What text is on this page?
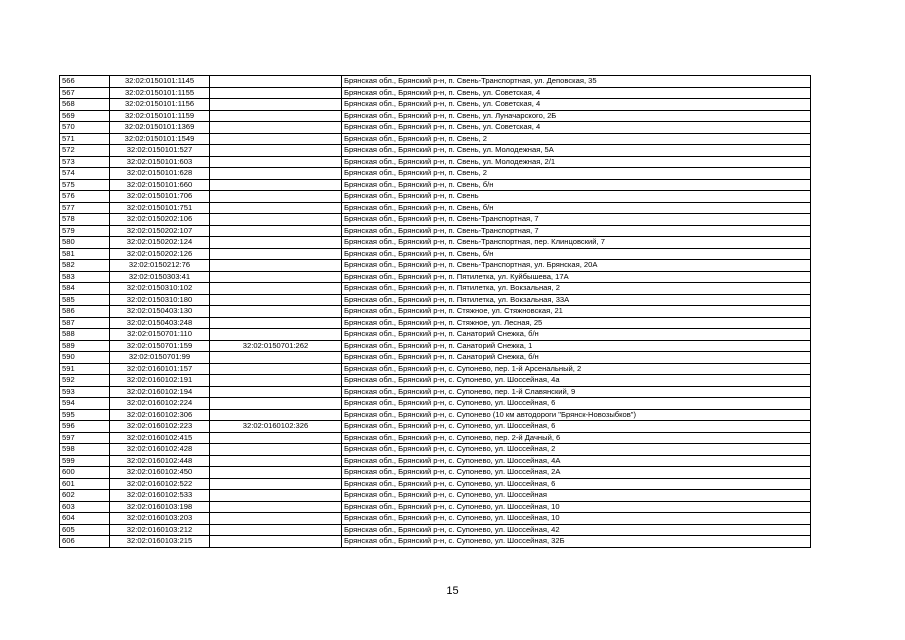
566	32:02:0150101:1145		Брянская обл., Брянский р-н, п. Свень-Транспортная, ул. Деповская, 35
567	32:02:0150101:1155		Брянская обл., Брянский р-н, п. Свень, ул. Советская, 4
568	32:02:0150101:1156		Брянская обл., Брянский р-н, п. Свень, ул. Советская, 4
569	32:02:0150101:1159		Брянская обл., Брянский р-н, п. Свень, ул. Луначарского, 2Б
570	32:02:0150101:1369		Брянская обл., Брянский р-н, п. Свень, ул. Советская, 4
571	32:02:0150101:1549		Брянская обл., Брянский р-н, п. Свень, 2
572	32:02:0150101:527		Брянская обл., Брянский р-н, п. Свень, ул. Молодежная, 5А
573	32:02:0150101:603		Брянская обл., Брянский р-н, п. Свень, ул. Молодежная, 2/1
574	32:02:0150101:628		Брянская обл., Брянский р-н, п. Свень, 2
575	32:02:0150101:660		Брянская обл., Брянский р-н, п. Свень, б/н
576	32:02:0150101:706		Брянская обл., Брянский р-н, п. Свень
577	32:02:0150101:751		Брянская обл., Брянский р-н, п. Свень, б/н
578	32:02:0150202:106		Брянская обл., Брянский р-н, п. Свень-Транспортная, 7
579	32:02:0150202:107		Брянская обл., Брянский р-н, п. Свень-Транспортная, 7
580	32:02:0150202:124		Брянская обл., Брянский р-н, п. Свень-Транспортная, пер. Клинцовский, 7
581	32:02:0150202:126		Брянская обл., Брянский р-н, п. Свень, б/н
582	32:02:0150212:76		Брянская обл., Брянский р-н, п. Свень-Транспортная, ул. Брянская, 20А
583	32:02:0150303:41		Брянская обл., Брянский р-н, п. Пятилетка, ул. Куйбышева, 17А
584	32:02:0150310:102		Брянская обл., Брянский р-н, п. Пятилетка, ул. Вокзальная, 2
585	32:02:0150310:180		Брянская обл., Брянский р-н, п. Пятилетка, ул. Вокзальная, 33А
586	32:02:0150403:130		Брянская обл., Брянский р-н, п. Стяжное, ул. Стяжновская, 21
587	32:02:0150403:248		Брянская обл., Брянский р-н, п. Стяжное, ул. Лесная, 25
588	32:02:0150701:110		Брянская обл., Брянский р-н, п. Санаторий Снежка, б/н
589	32:02:0150701:159	32:02:0150701:262	Брянская обл., Брянский р-н, п. Санаторий Снежка, 1
590	32:02:0150701:99		Брянская обл., Брянский р-н, п. Санаторий Снежка, б/н
591	32:02:0160101:157		Брянская обл., Брянский р-н, с. Супонево, пер. 1-й Арсенальный, 2
592	32:02:0160102:191		Брянская обл., Брянский р-н, с. Супонево, ул. Шоссейная, 4а
593	32:02:0160102:194		Брянская обл., Брянский р-н, с. Супонево, пер. 1-й Славянский, 9
594	32:02:0160102:224		Брянская обл., Брянский р-н, с. Супонево, ул. Шоссейная, 6
595	32:02:0160102:306		Брянская обл., Брянский р-н, с. Супонево (10 км автодороги "Брянск-Новозыбков")
596	32:02:0160102:223	32:02:0160102:326	Брянская обл., Брянский р-н, с. Супонево, ул. Шоссейная, 6
597	32:02:0160102:415		Брянская обл., Брянский р-н, с. Супонево, пер. 2-й Дачный, 6
598	32:02:0160102:428		Брянская обл., Брянский р-н, с. Супонево, ул. Шоссейная, 2
599	32:02:0160102:448		Брянская обл., Брянский р-н, с. Супонево, ул. Шоссейная, 4А
600	32:02:0160102:450		Брянская обл., Брянский р-н, с. Супонево, ул. Шоссейная, 2А
601	32:02:0160102:522		Брянская обл., Брянский р-н, с. Супонево, ул. Шоссейная, 6
602	32:02:0160102:533		Брянская обл., Брянский р-н, с. Супонево, ул. Шоссейная
603	32:02:0160103:198		Брянская обл., Брянский р-н, с. Супонево, ул. Шоссейная, 10
604	32:02:0160103:203		Брянская обл., Брянский р-н, с. Супонево, ул. Шоссейная, 10
605	32:02:0160103:212		Брянская обл., Брянский р-н, с. Супонево, ул. Шоссейная, 42
606	32:02:0160103:215		Брянская обл., Брянский р-н, с. Супонево, ул. Шоссейная, 32Б
15
